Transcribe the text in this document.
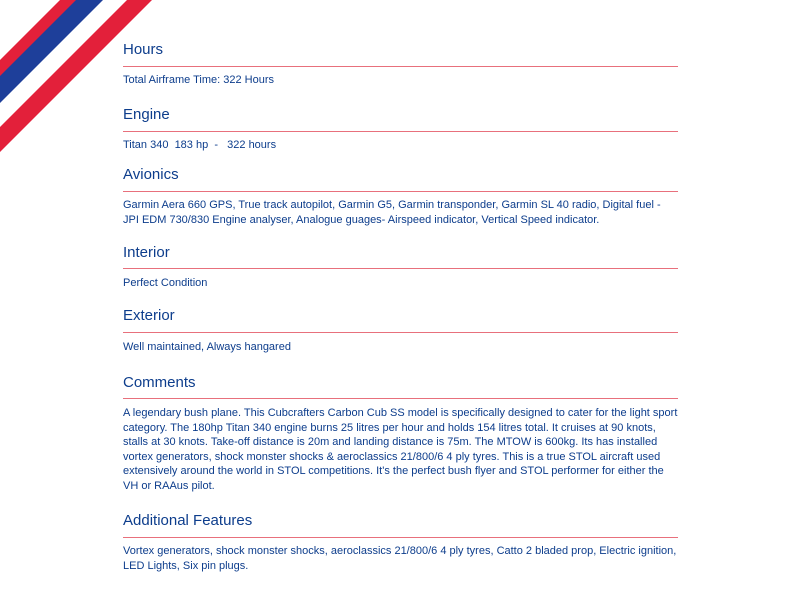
Hours

Total Airframe Time: 322 Hours

Engine

Titan 340  183 hp  -   322 hours

Avionics

Garmin Aera 660 GPS, True track autopilot, Garmin G5, Garmin transponder, Garmin SL 40 radio, Digital fuel - JPI EDM 730/830 Engine analyser, Analogue guages- Airspeed indicator, Vertical Speed indicator.

Interior

Perfect Condition

Exterior

Well maintained, Always hangared

Comments

A legendary bush plane. This Cubcrafters Carbon Cub SS model is specifically designed to cater for the light sport category. The 180hp Titan 340 engine burns 25 litres per hour and holds 154 litres total. It cruises at 90 knots, stalls at 30 knots. Take-off distance is 20m and landing distance is 75m. The MTOW is 600kg. Its has installed vortex generators, shock monster shocks & aeroclassics 21/800/6 4 ply tyres. This is a true STOL aircraft used extensively around the world in STOL competitions. It's the perfect bush flyer and STOL performer for either the VH or RAAus pilot.

Additional Features

Vortex generators, shock monster shocks, aeroclassics 21/800/6 4 ply tyres, Catto 2 bladed prop, Electric ignition, LED Lights, Six pin plugs.
